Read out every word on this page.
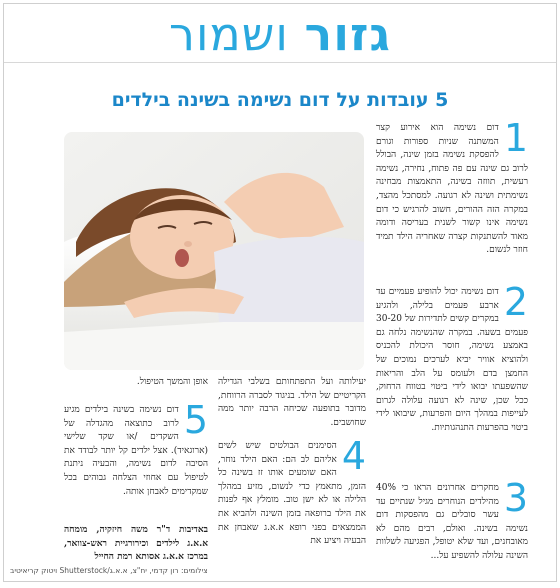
גזור ושמור
5 עובדות על דום נשימה בשינה בילדים
1

דום נשימה הוא אירוע קצר המשתנה שניות ספורות וגורם להפסקת נשימה בזמן שינה, הבולל לרוב גם שינה עם פה פתוח, נחירה, נשימה רעשית, תווזה בשינה, התאמצות מבחינה נשימתית ושינה לא רגועה. למסתכל מהצד, במקרה הזה ההורים, חשוב להרגיש כי דום נשימה אינו קשור לשנית בעריסה ודומה מאוד להשתנקות קצרה שאחריה הילד תמיד חוזר לנשום.

2

דום נשימה יכול להופיע פעמיים עד ארבע פעמים בלילה, ולהגיע במקרים קשים לתדירות של 30-20 פעמים בשעה. במקרה שהנשימה נלחה גם באמצע נשימה, חוסר היכולת להכניס ולהוציא אוויר יביא לערכים נמוכים של החמצן בדם ולעומס על הלב והריאות שהשפעתו יבואו לידי ביטוי בטווח הרחוק, ככל שכן, שינה לא רגועה עלולה לגרום לעייפות במהלך היום והפרעות, שיבואו לידי ביטוי בהפרעות התנהגותיות.

3

מחקרים אחרונים הראו כי 40% מהילדים הנוחרים מגיל שנתיים עד עשר סובלים גם מהפסקות דום נשימה בשינה. ואולם, רבים מהם לא מאובחנים, ועד שלא יטופל, הפגיעה לשלוות השינה עלולה להשפיע על...

יעילותה ועל התפתחותם בשלבי הגדילה הקריטיים של הילד. בניגוד לסברה הרווחת, מדובר בתופעה שכיחה הרבה יותר ממה שחושבים.

4

הסימנים הבולטים שיש לשים אליהם לב הם: האם הילד נוחר, האם שומעים אותו זז בשינה כל הזמן, מתאמץ כדי לנשום, מזיע במהלך הלילה או לא ישן טוב. מומלץ אף לפנות את הילד ברופאה בזמן השינה ולהביא את הממצאים בפני רופא א.א.ג שאבחן את הבעיה ויציע את

אופן והמשך הטיפול.

5

דום נשימה בשינה בילדים מגיע לרוב כתוצאה מהגדלה של השקדים /או שקד שלישי (ארוגאיד). אצל ילדים קל יותר לבודד את הסיבה לדום נשימה, והבעיה ניתנת לטיפול עם אחוזי הצלחה גבוהים בכל שמקדימים לאבחן אותה.

באדיבות ד"ר משה חיזקיה, מומחה א.א.ג לילדים וכירורגיית ראש-צוואר, במרכז א.א.ג אסותא רמת החייל

צילומים: רון קדמי, יח"צ, א.א.ג/Shutterstock ויטוק קריאיטיב
